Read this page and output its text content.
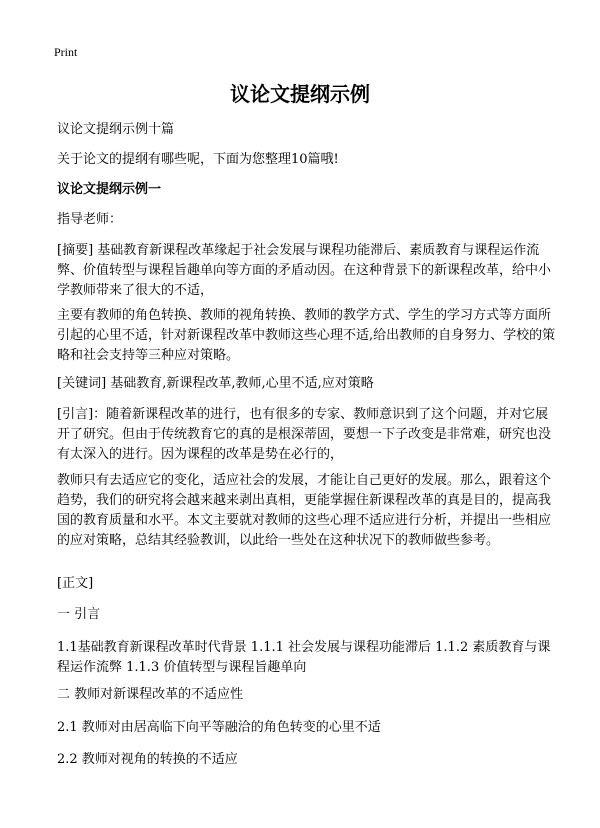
Print
议论文提纲示例

议论文提纲示例十篇

关于论文的提纲有哪些呢，下面为您整理10篇哦!

议论文提纲示例一

指导老师：

[摘要] 基础教育新课程改革缘起于社会发展与课程功能滞后、素质教育与课程运作流弊、价值转型与课程旨趣单向等方面的矛盾动因。在这种背景下的新课程改革，给中小学教师带来了很大的不适，

主要有教师的角色转换、教师的视角转换、教师的教学方式、学生的学习方式等方面所引起的心里不适，针对新课程改革中教师这些心理不适,给出教师的自身努力、学校的策略和社会支持等三种应对策略。

[关键词] 基础教育,新课程改革,教师,心里不适,应对策略

[引言]：随着新课程改革的进行，也有很多的专家、教师意识到了这个问题，并对它展开了研究。但由于传统教育它的真的是根深蒂固，要想一下子改变是非常难，研究也没有太深入的进行。因为课程的改革是势在必行的，

教师只有去适应它的变化，适应社会的发展，才能让自己更好的发展。那么，跟着这个趋势，我们的研究将会越来越来剥出真相，更能掌握住新课程改革的真是目的，提高我国的教育质量和水平。本文主要就对教师的这些心理不适应进行分析，并提出一些相应的应对策略，总结其经验教训，以此给一些处在这种状况下的教师做些参考。

[正文]

一 引言

1.1基础教育新课程改革时代背景 1.1.1 社会发展与课程功能滞后 1.1.2 素质教育与课程运作流弊 1.1.3 价值转型与课程旨趣单向

二 教师对新课程改革的不适应性

2.1 教师对由居高临下向平等融洽的角色转变的心里不适

2.2 教师对视角的转换的不适应
